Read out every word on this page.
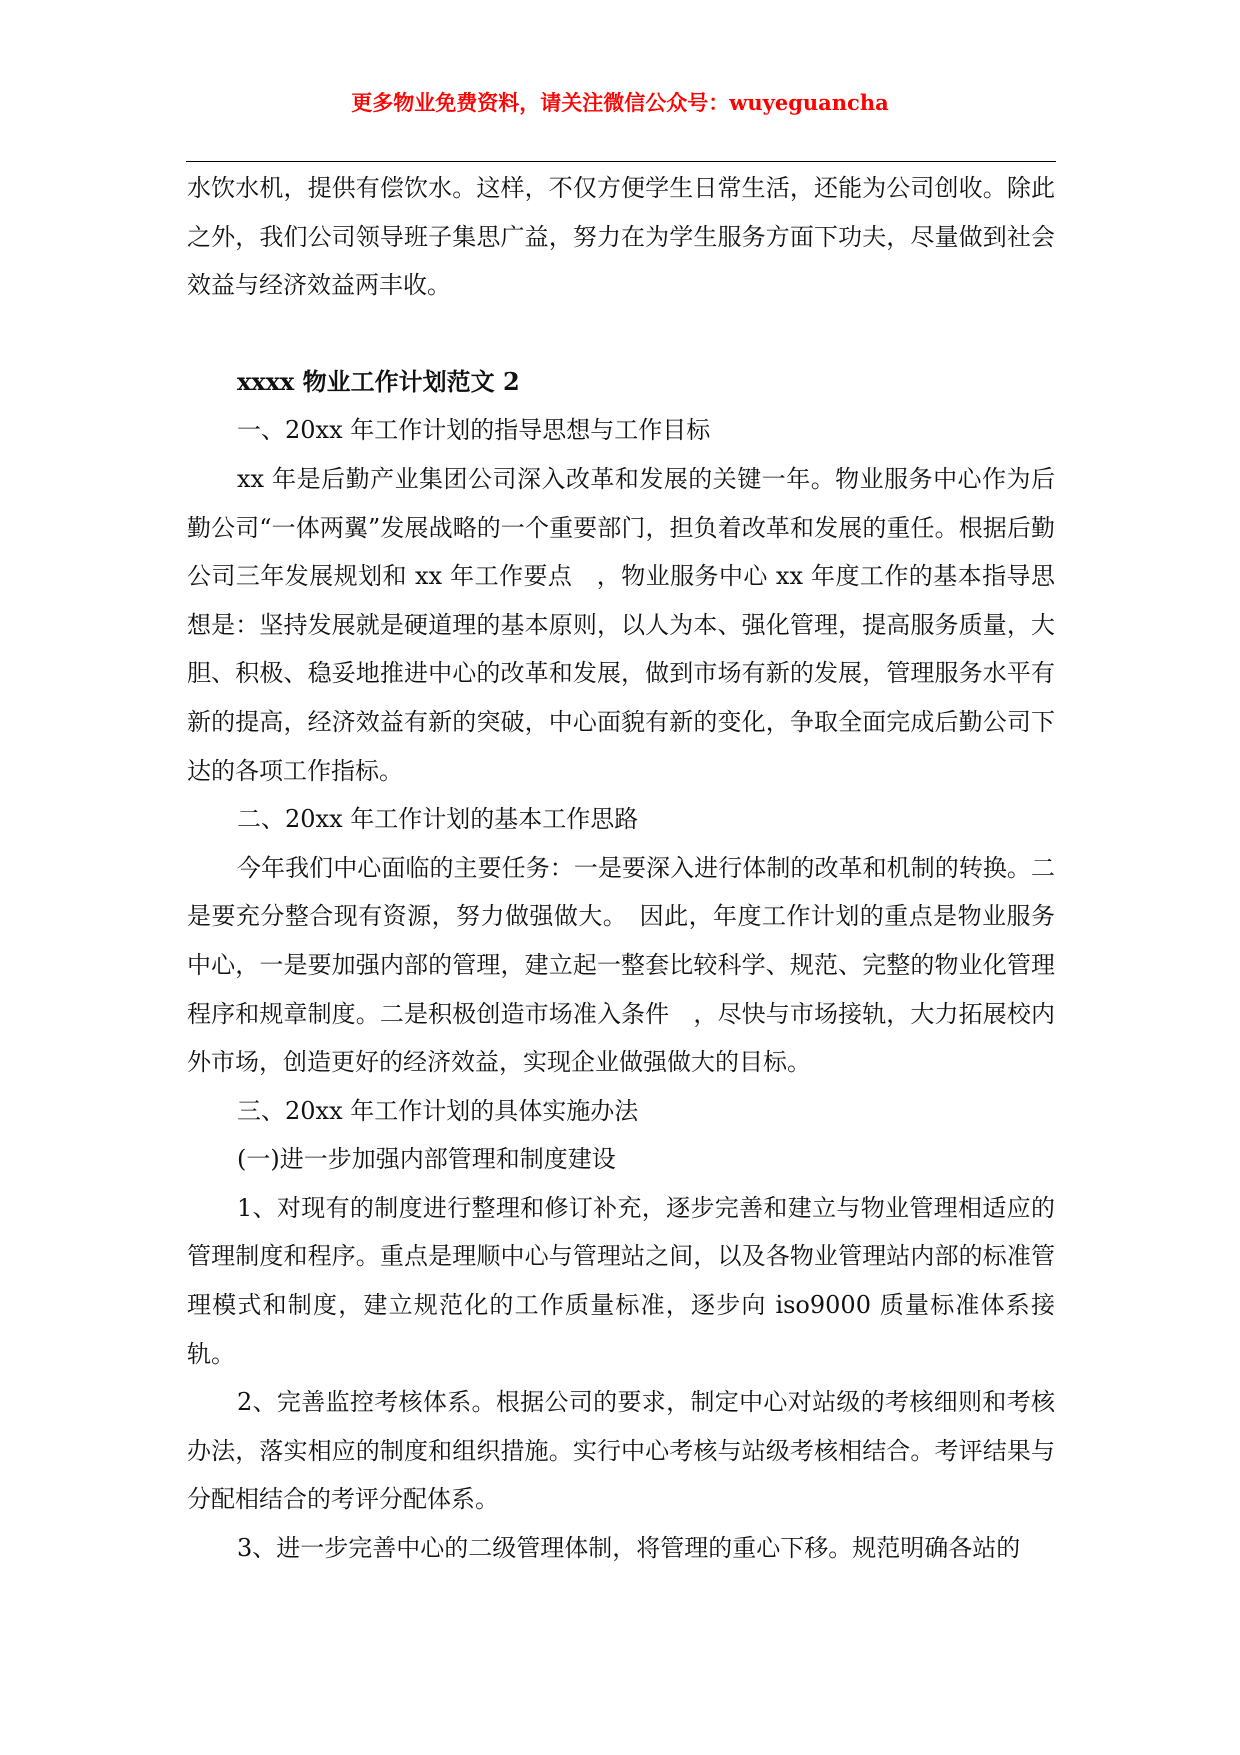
更多物业免费资料，请关注微信公众号：wuyeguancha

水饮水机，提供有偿饮水。这样，不仅方便学生日常生活，还能为公司创收。除此之外，我们公司领导班子集思广益，努力在为学生服务方面下功夫，尽量做到社会效益与经济效益两丰收。

xxxx 物业工作计划范文 2

一、20xx 年工作计划的指导思想与工作目标

xx 年是后勤产业集团公司深入改革和发展的关键一年。物业服务中心作为后勤公司“一体两翼”发展战略的一个重要部门，担负着改革和发展的重任。根据后勤公司三年发展规划和 xx 年工作要点　，物业服务中心 xx 年度工作的基本指导思想是：坚持发展就是硬道理的基本原则，以人为本、强化管理，提高服务质量，大胆、积极、稳妥地推进中心的改革和发展，做到市场有新的发展，管理服务水平有新的提高，经济效益有新的突破，中心面貌有新的变化，争取全面完成后勤公司下达的各项工作指标。

二、20xx 年工作计划的基本工作思路

今年我们中心面临的主要任务：一是要深入进行体制的改革和机制的转换。二是要充分整合现有资源，努力做强做大。　因此，年度工作计划的重点是物业服务中心，一是要加强内部的管理，建立起一整套比较科学、规范、完整的物业化管理程序和规章制度。二是积极创造市场准入条件　，尽快与市场接轨，大力拓展校内外市场，创造更好的经济效益，实现企业做强做大的目标。

三、20xx 年工作计划的具体实施办法

(一)进一步加强内部管理和制度建设

1、对现有的制度进行整理和修订补充，逐步完善和建立与物业管理相适应的管理制度和程序。重点是理顺中心与管理站之间，以及各物业管理站内部的标准管理模式和制度，建立规范化的工作质量标准，逐步向 iso9000 质量标准体系接轨。

2、完善监控考核体系。根据公司的要求，制定中心对站级的考核细则和考核办法，落实相应的制度和组织措施。实行中心考核与站级考核相结合。考评结果与分配相结合的考评分配体系。

3、进一步完善中心的二级管理体制，将管理的重心下移。规范明确各站的
